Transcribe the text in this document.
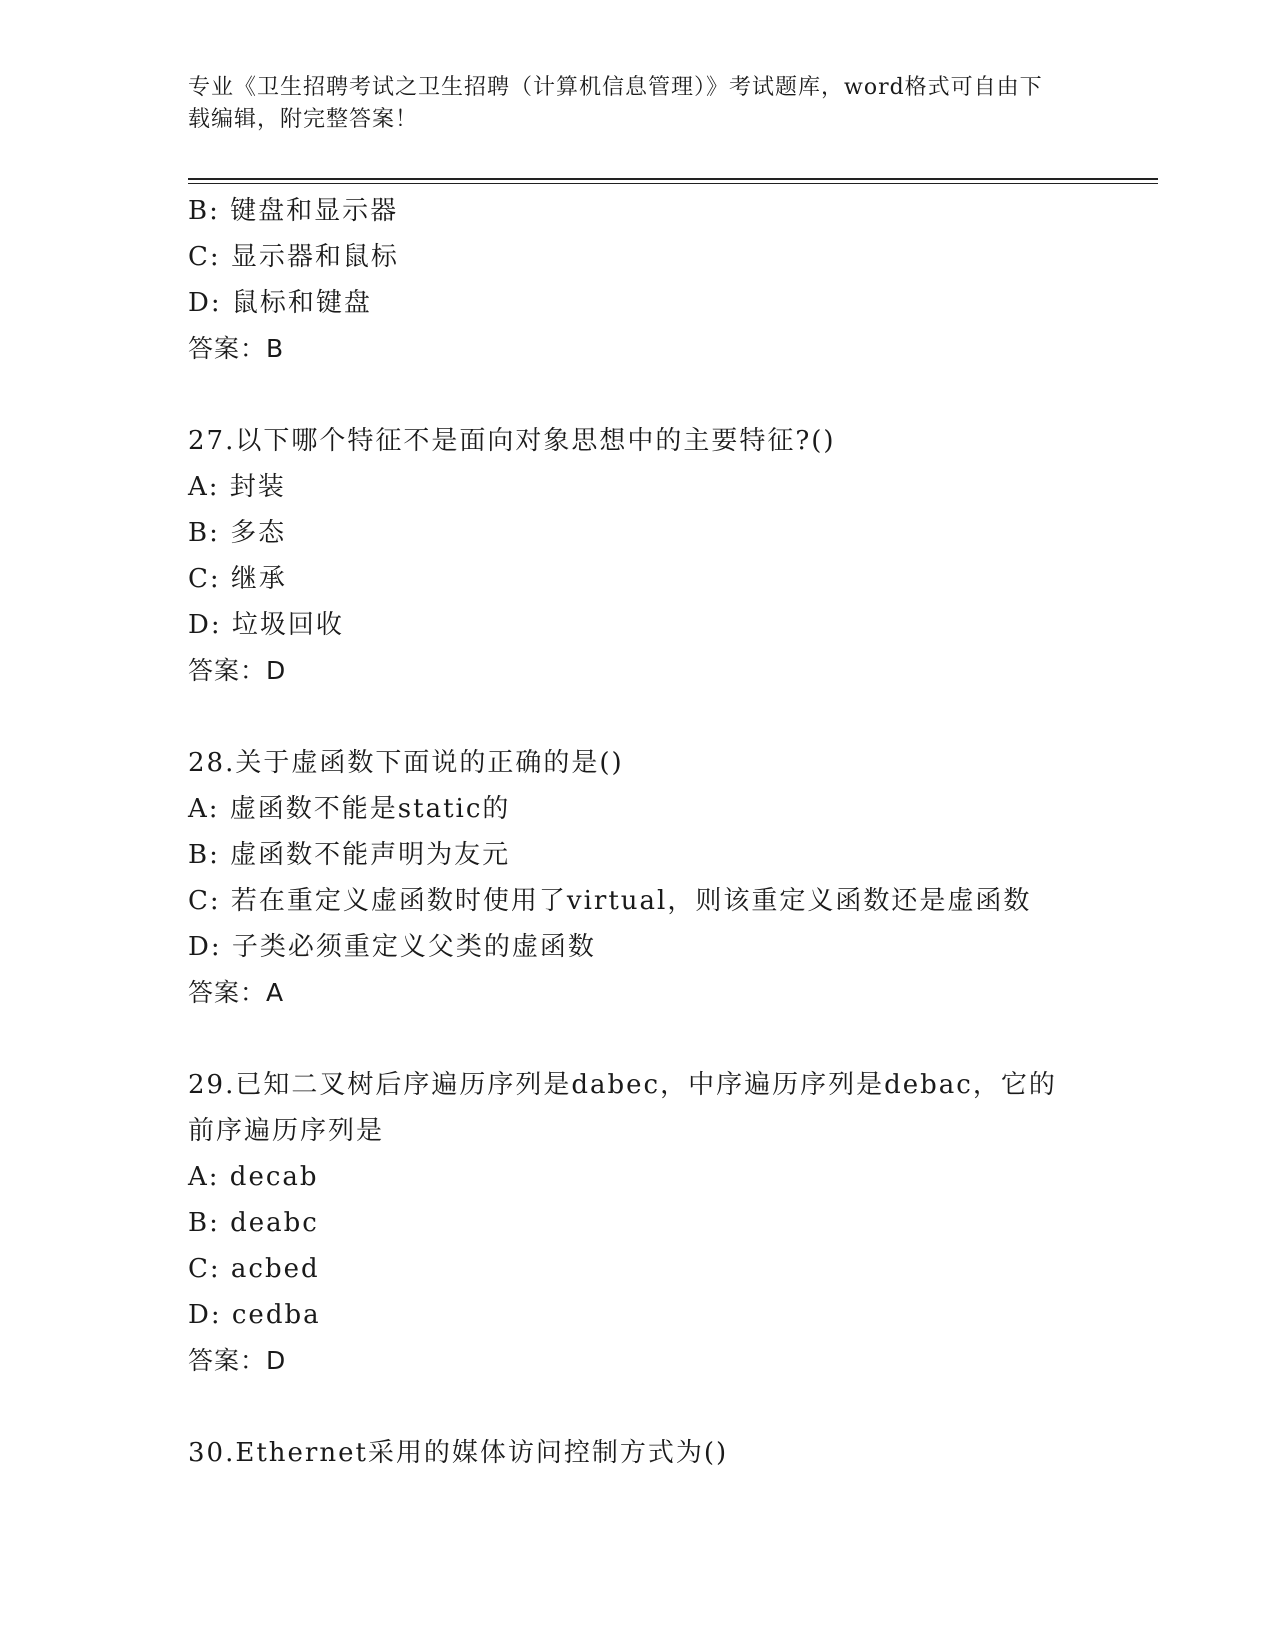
专业《卫生招聘考试之卫生招聘（计算机信息管理）》考试题库，word格式可自由下载编辑，附完整答案！
B: 键盘和显示器
C: 显示器和鼠标
D: 鼠标和键盘
答案：B
27.以下哪个特征不是面向对象思想中的主要特征?()
A: 封装
B: 多态
C: 继承
D: 垃圾回收
答案：D
28.关于虚函数下面说的正确的是()
A: 虚函数不能是static的
B: 虚函数不能声明为友元
C: 若在重定义虚函数时使用了virtual，则该重定义函数还是虚函数
D: 子类必须重定义父类的虚函数
答案：A
29.已知二叉树后序遍历序列是dabec，中序遍历序列是debac，它的前序遍历序列是
A: decab
B: deabc
C: acbed
D: cedba
答案：D
30.Ethernet采用的媒体访问控制方式为()
